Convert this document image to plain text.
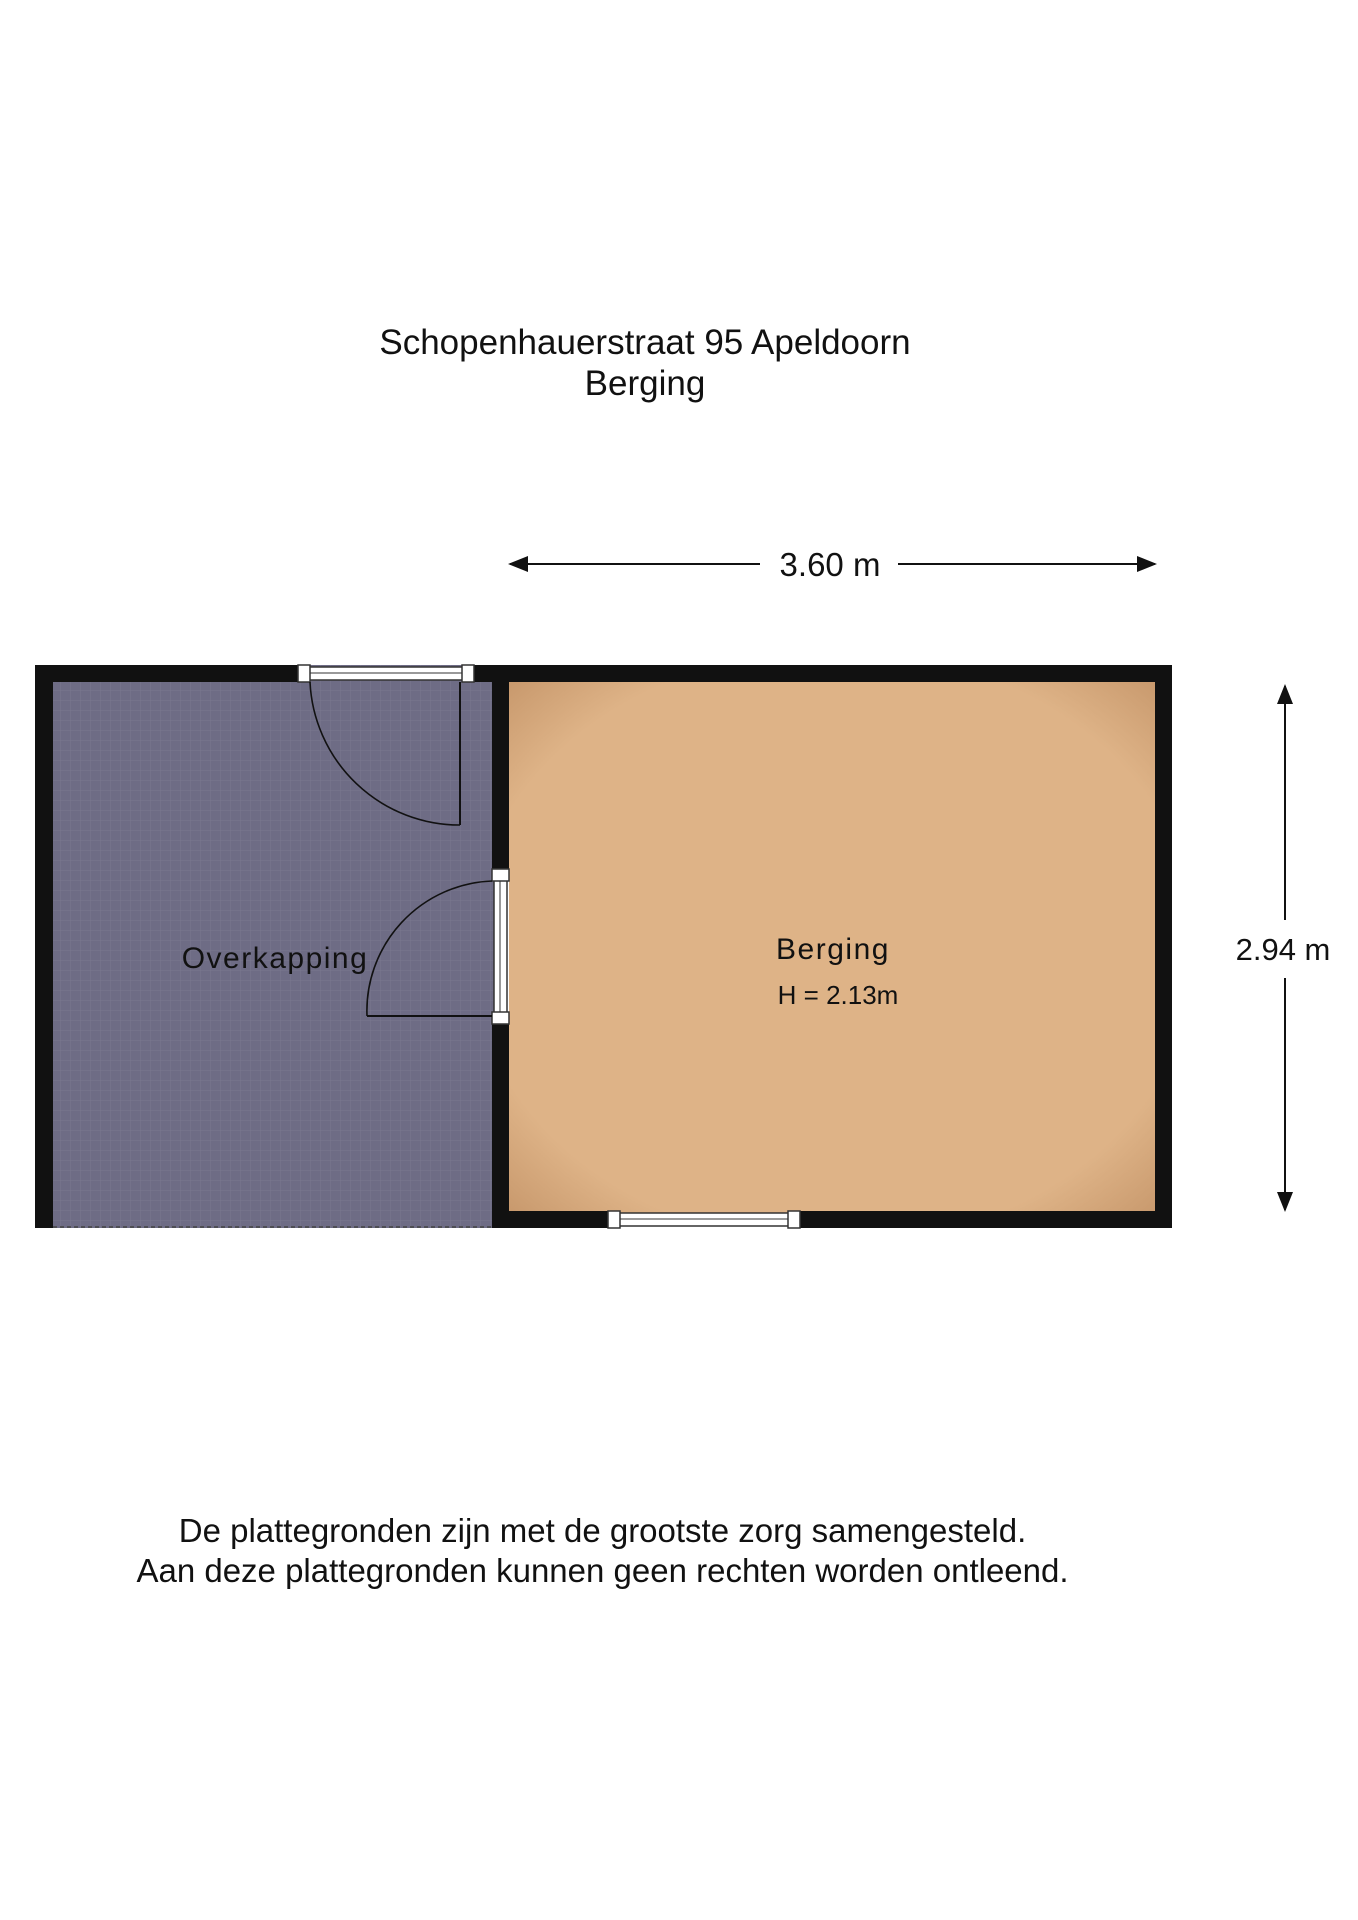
Schopenhauerstraat 95 Apeldoorn
Berging
3.60 m
2.94 m
Overkapping	Berging
H = 2.13m
De plattegronden zijn met de grootste zorg samengesteld.
Aan deze plattegronden kunnen geen rechten worden ontleend.
